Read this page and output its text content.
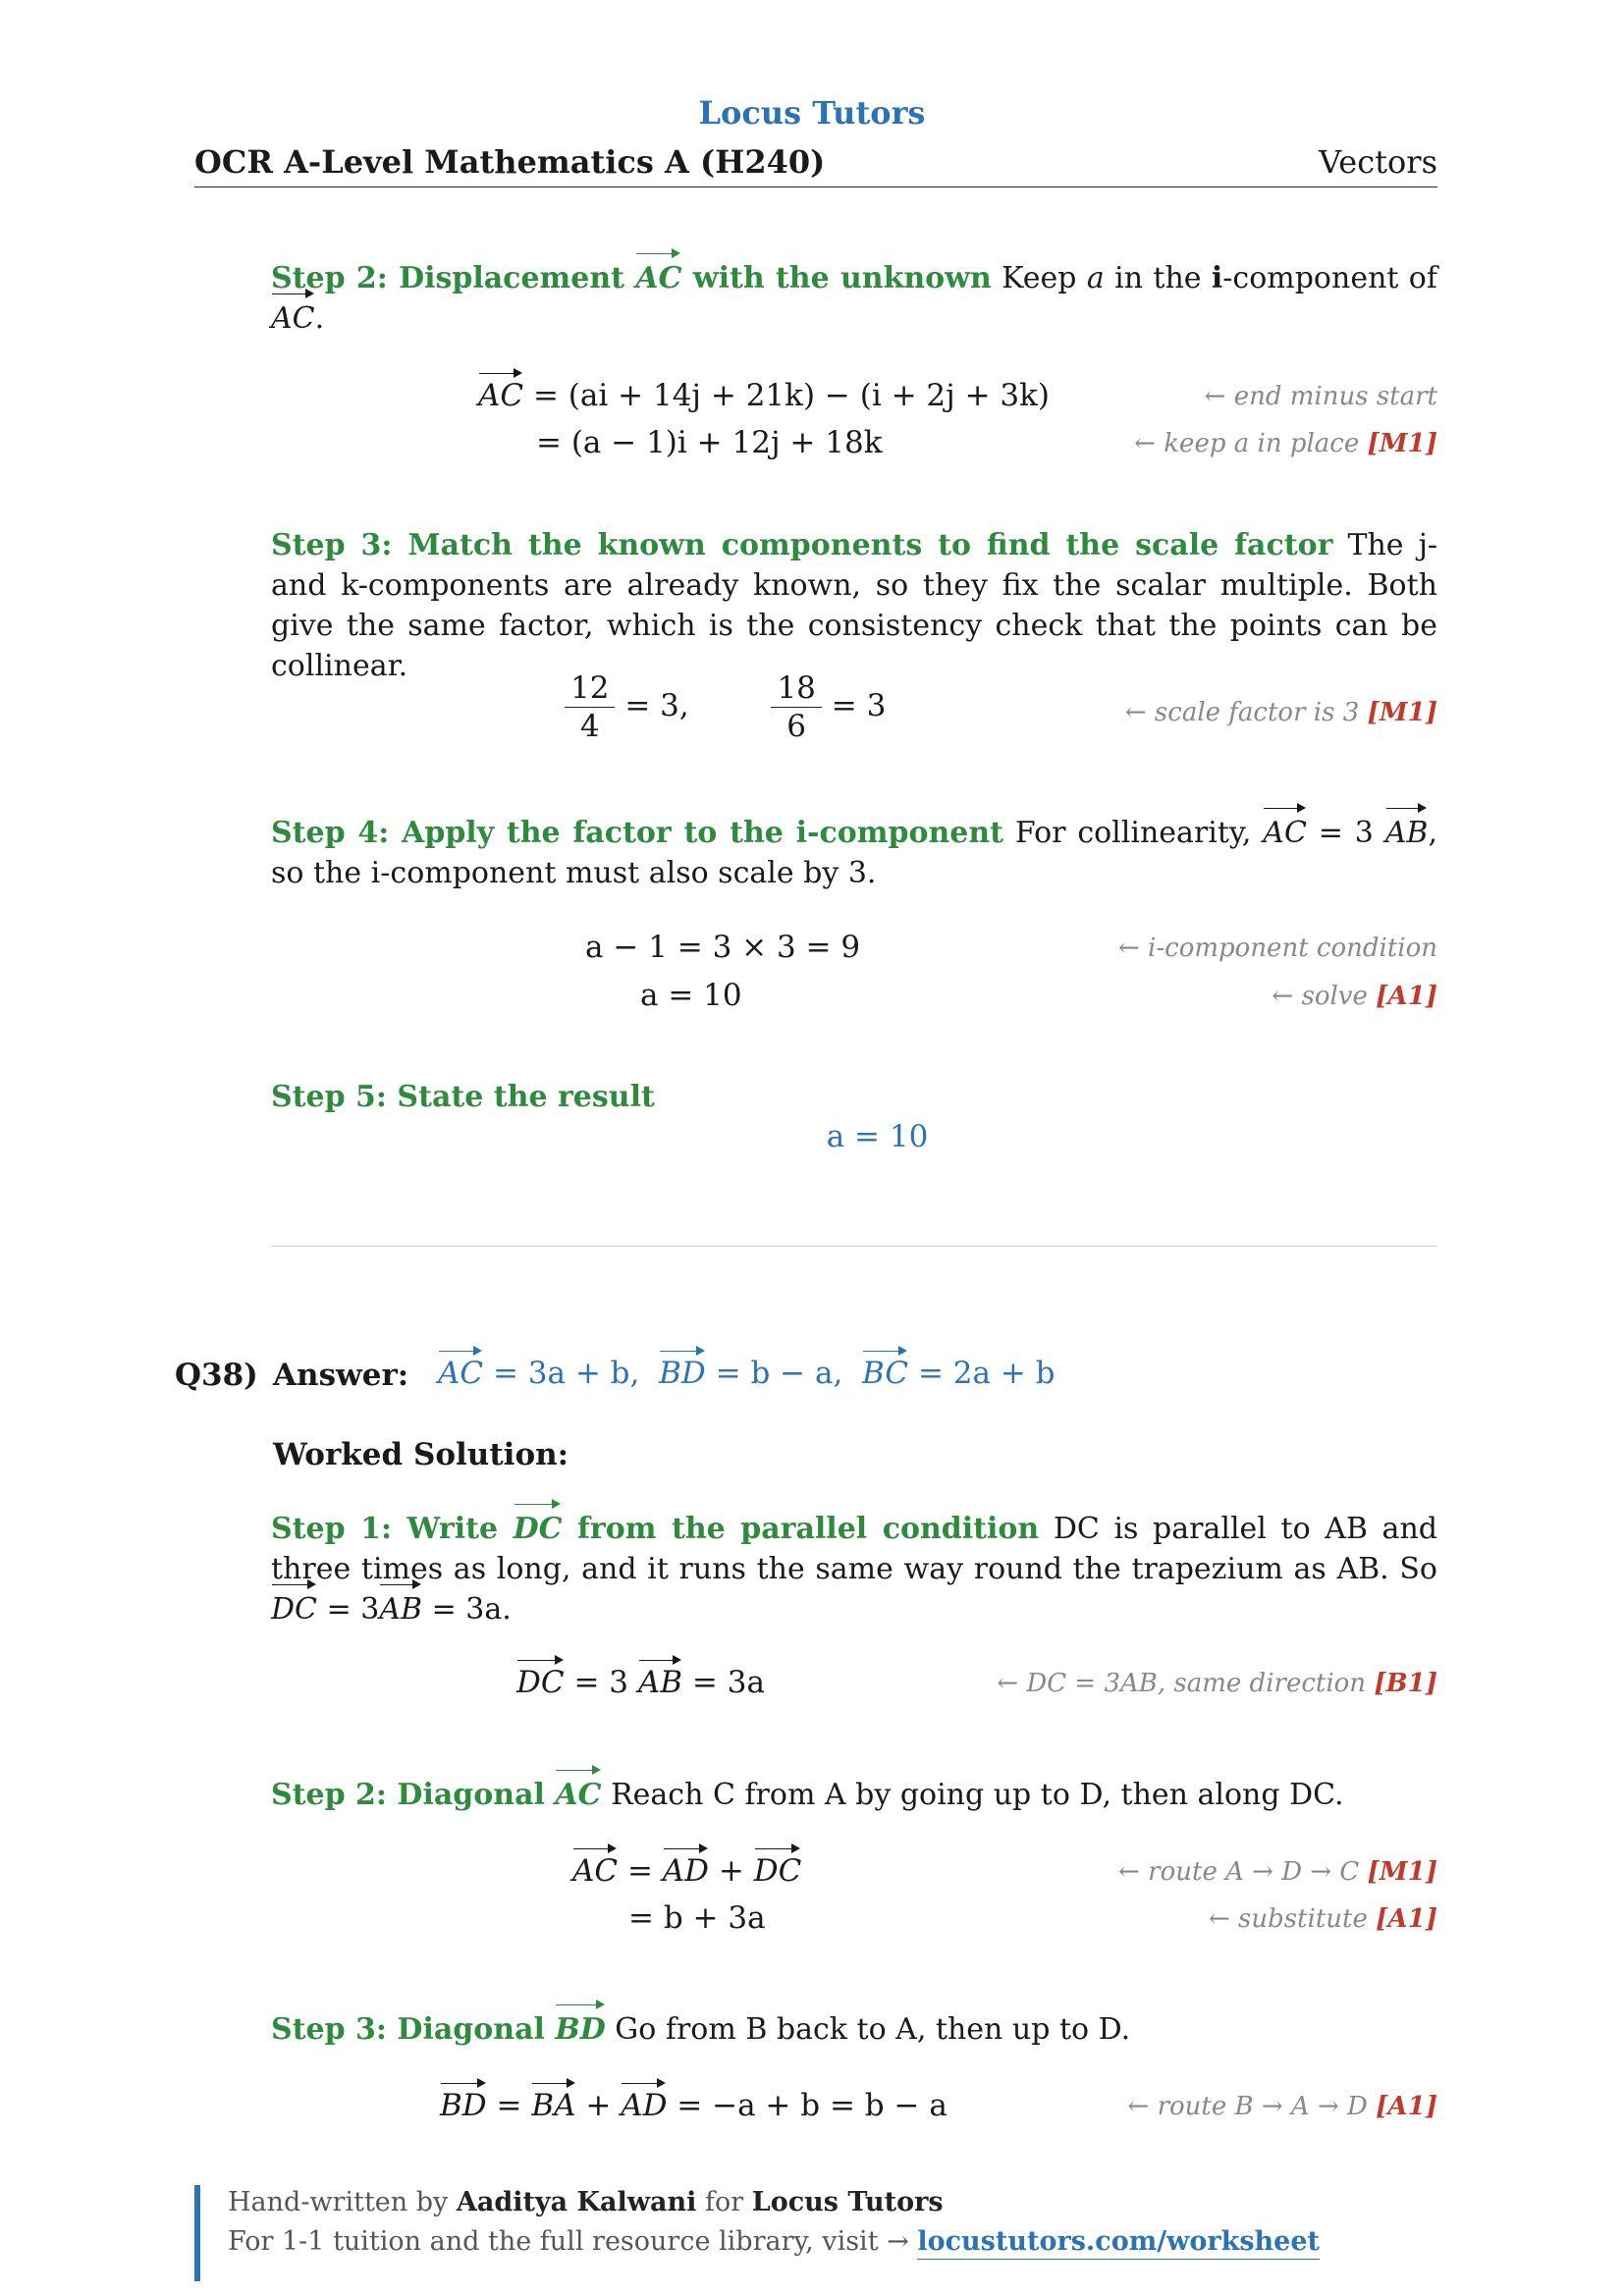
Locus Tutors
OCR A-Level Mathematics A (H240)	Vectors
Step 2: Displacement AC with the unknown Keep a in the i-component of AC.
AC = (ai + 14j + 21k) − (i + 2j + 3k)	← end minus start
= (a − 1)i + 12j + 18k	← keep a in place [M1]
Step 3: Match the known components to find the scale factor The j- and k-components are already known, so they fix the scalar multiple. Both give the same factor, which is the consistency check that the points can be collinear.
$\frac{12}{4} = 3$,	$\frac{18}{6} = 3$	← scale factor is 3 [M1]
Step 4: Apply the factor to the i-component For collinearity, AC = 3 AB, so the i-component must also scale by 3.
a − 1 = 3 × 3 = 9	← i-component condition
a = 10	← solve [A1]
Step 5: State the result
a = 10
Q38) Answer: AC = 3a + b, BD = b − a, BC = 2a + b
Worked Solution:
Step 1: Write DC from the parallel condition DC is parallel to AB and three times as long, and it runs the same way round the trapezium as AB. So DC = 3AB = 3a.
DC = 3 AB = 3a	← DC = 3AB, same direction [B1]
Step 2: Diagonal AC Reach C from A by going up to D, then along DC.
AC = AD + DC	← route A → D → C [M1]
= b + 3a	← substitute [A1]
Step 3: Diagonal BD Go from B back to A, then up to D.
BD = BA + AD = −a + b = b − a	← route B → A → D [A1]
Hand-written by Aaditya Kalwani for Locus Tutors
For 1-1 tuition and the full resource library, visit → locustutors.com/worksheet
